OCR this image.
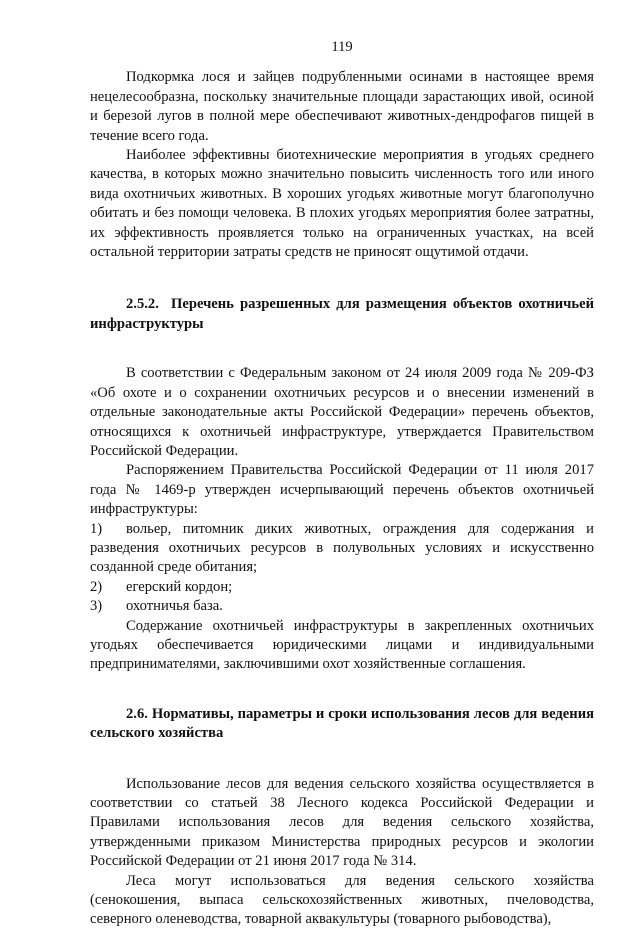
119

Подкормка лося и зайцев подрубленными осинами в настоящее время нецелесообразна, поскольку значительные площади зарастающих ивой, осиной и березой лугов в полной мере обеспечивают животных-дендрофагов пищей в течение всего года.

Наиболее эффективны биотехнические мероприятия в угодьях среднего качества, в которых можно значительно повысить численность того или иного вида охотничьих животных. В хороших угодьях животные могут благополучно обитать и без помощи человека. В плохих угодьях мероприятия более затратны, их эффективность проявляется только на ограниченных участках, на всей остальной территории затраты средств не приносят ощутимой отдачи.

2.5.2.  Перечень разрешенных для размещения объектов охотничьей инфраструктуры

В соответствии с Федеральным законом от 24 июля 2009 года № 209-ФЗ «Об охоте и о сохранении охотничьих ресурсов и о внесении изменений в отдельные законодательные акты Российской Федерации» перечень объектов, относящихся к охотничьей инфраструктуре, утверждается Правительством Российской Федерации.

Распоряжением Правительства Российской Федерации от 11 июля 2017 года № 1469-р утвержден исчерпывающий перечень объектов охотничьей инфраструктуры:

1) вольер, питомник диких животных, ограждения для содержания и разведения охотничьих ресурсов в полувольных условиях и искусственно созданной среде обитания;
2)	егерский кордон;
3)	охотничья база.

Содержание охотничьей инфраструктуры в закрепленных охотничьих угодьях обеспечивается юридическими лицами и индивидуальными предпринимателями, заключившими охот хозяйственные соглашения.

2.6. Нормативы, параметры и сроки использования лесов для ведения сельского хозяйства

Использование лесов для ведения сельского хозяйства осуществляется в соответствии со статьей 38 Лесного кодекса Российской Федерации и Правилами использования лесов для ведения сельского хозяйства, утвержденными приказом Министерства природных ресурсов и экологии Российской Федерации от 21 июня 2017 года № 314.

Леса могут использоваться для ведения сельского хозяйства (сенокошения, выпаса сельскохозяйственных животных, пчеловодства, северного оленеводства, товарной аквакультуры (товарного рыбоводства),
